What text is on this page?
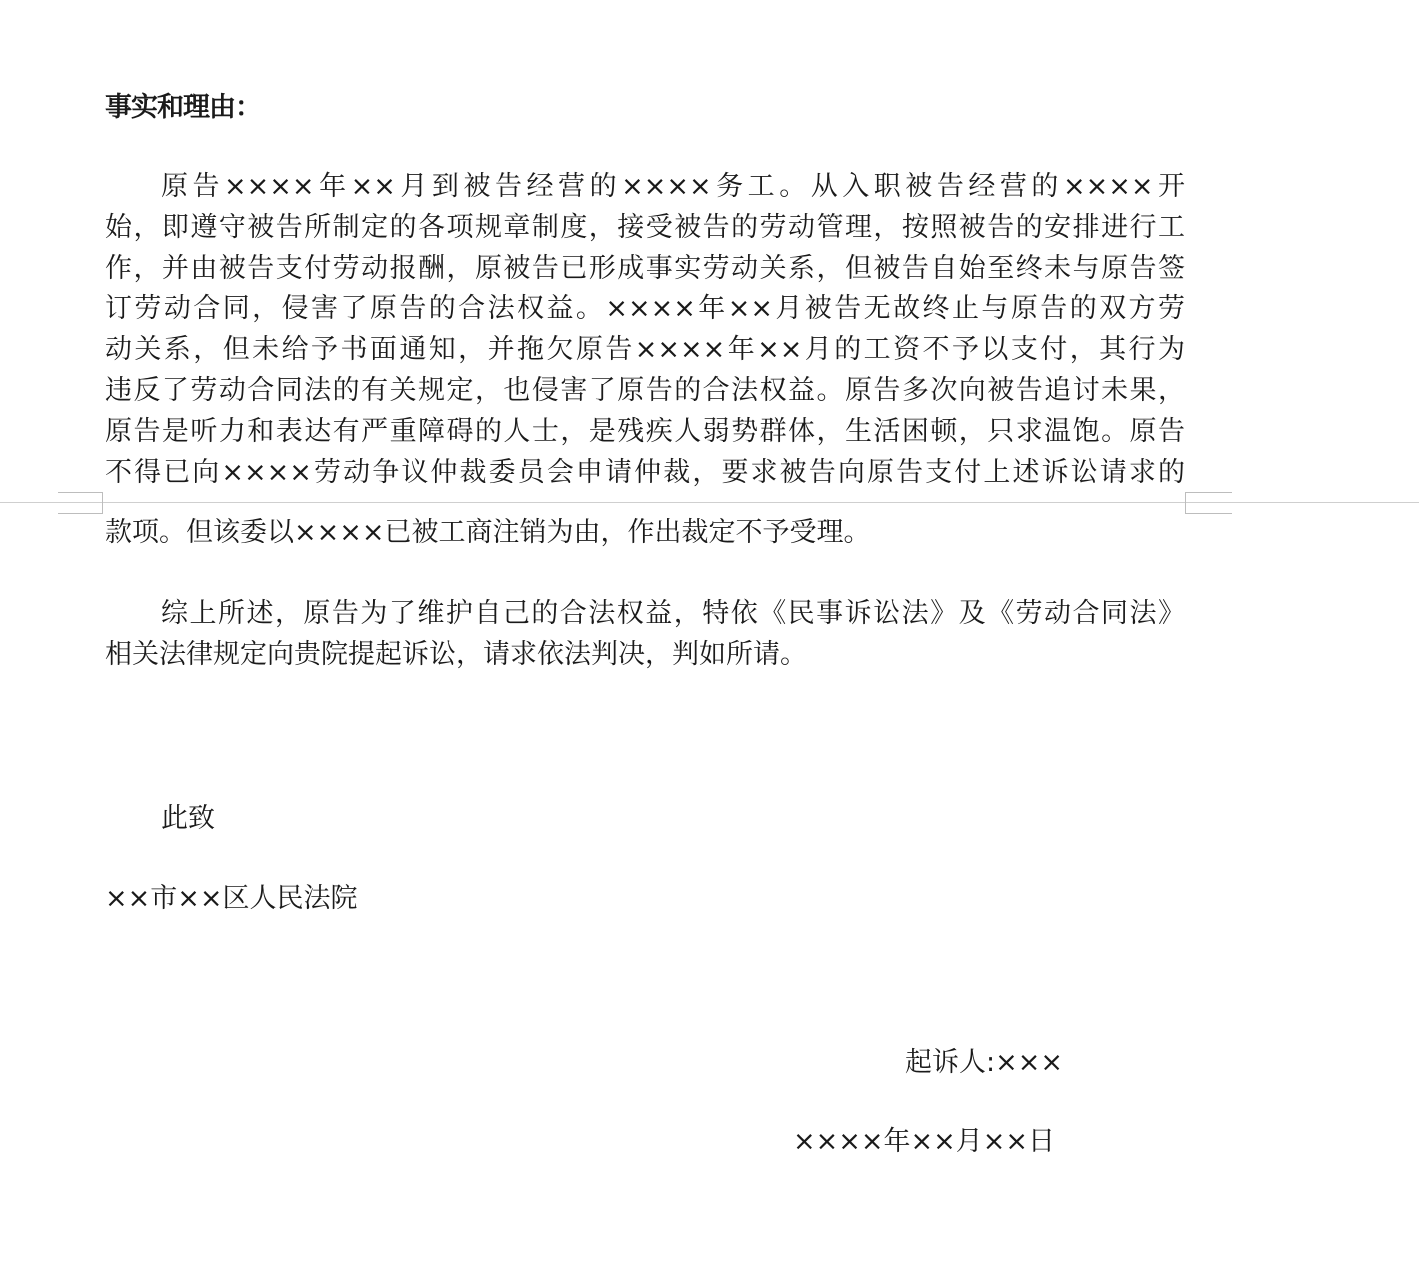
事实和理由：
原告××××年××月到被告经营的××××务工。从入职被告经营的××××开
始，即遵守被告所制定的各项规章制度，接受被告的劳动管理，按照被告的安排进行工
作，并由被告支付劳动报酬，原被告已形成事实劳动关系，但被告自始至终未与原告签
订劳动合同，侵害了原告的合法权益。××××年××月被告无故终止与原告的双方劳
动关系，但未给予书面通知，并拖欠原告××××年××月的工资不予以支付，其行为
违反了劳动合同法的有关规定，也侵害了原告的合法权益。原告多次向被告追讨未果，
原告是听力和表达有严重障碍的人士，是残疾人弱势群体，生活困顿，只求温饱。原告
不得已向××××劳动争议仲裁委员会申请仲裁，要求被告向原告支付上述诉讼请求的
款项。但该委以××××已被工商注销为由，作出裁定不予受理。
综上所述，原告为了维护自己的合法权益，特依《民事诉讼法》及《劳动合同法》
相关法律规定向贵院提起诉讼，请求依法判决，判如所请。
此致
××市××区人民法院
起诉人:×××
××××年××月××日
